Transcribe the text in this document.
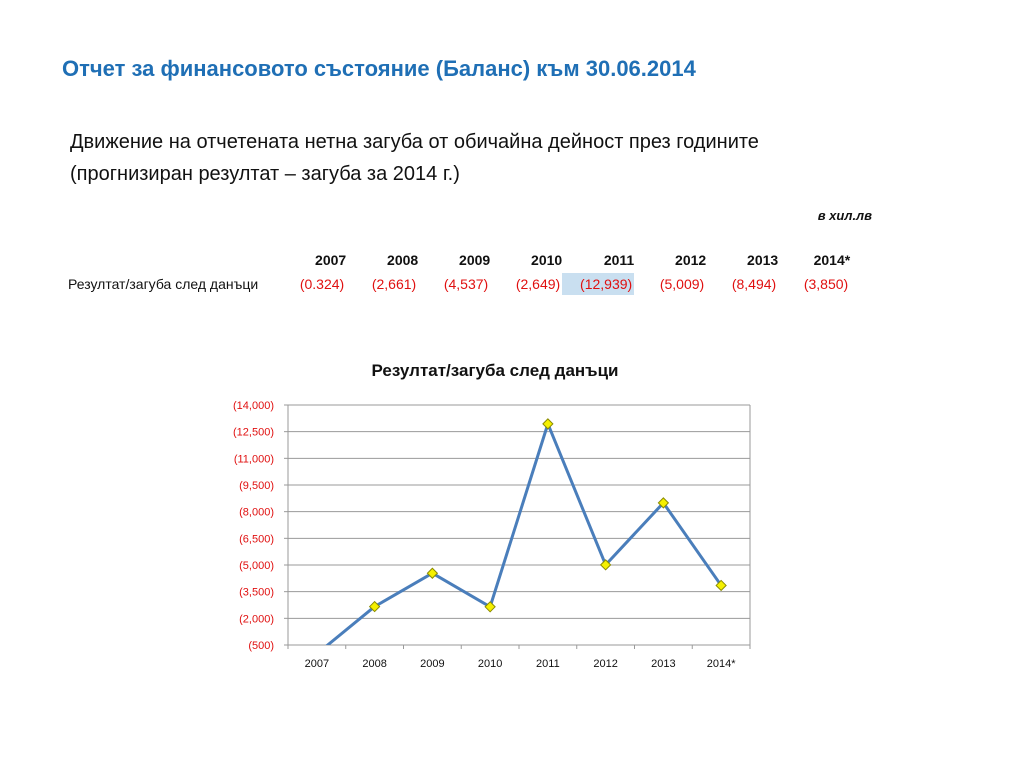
Отчет за финансовото състояние (Баланс) към 30.06.2014
Движение на отчетената нетна загуба от обичайна дейност през годините
(прогнизиран резултат – загуба за 2014 г.)
в хил.лв
	2007	2008	2009	2010	2011	2012	2013	2014*
Резултат/загуба след данъци	(0.324)	(2,661)	(4,537)	(2,649)	(12,939)	(5,009)	(8,494)	(3,850)
Резултат/загуба след данъци
(500)
(2,000)
(3,500)
(5,000)
(6,500)
(8,000)
(9,500)
(11,000)
(12,500)
(14,000)
2007	2008	2009	2010	2011	2012	2013	2014*
